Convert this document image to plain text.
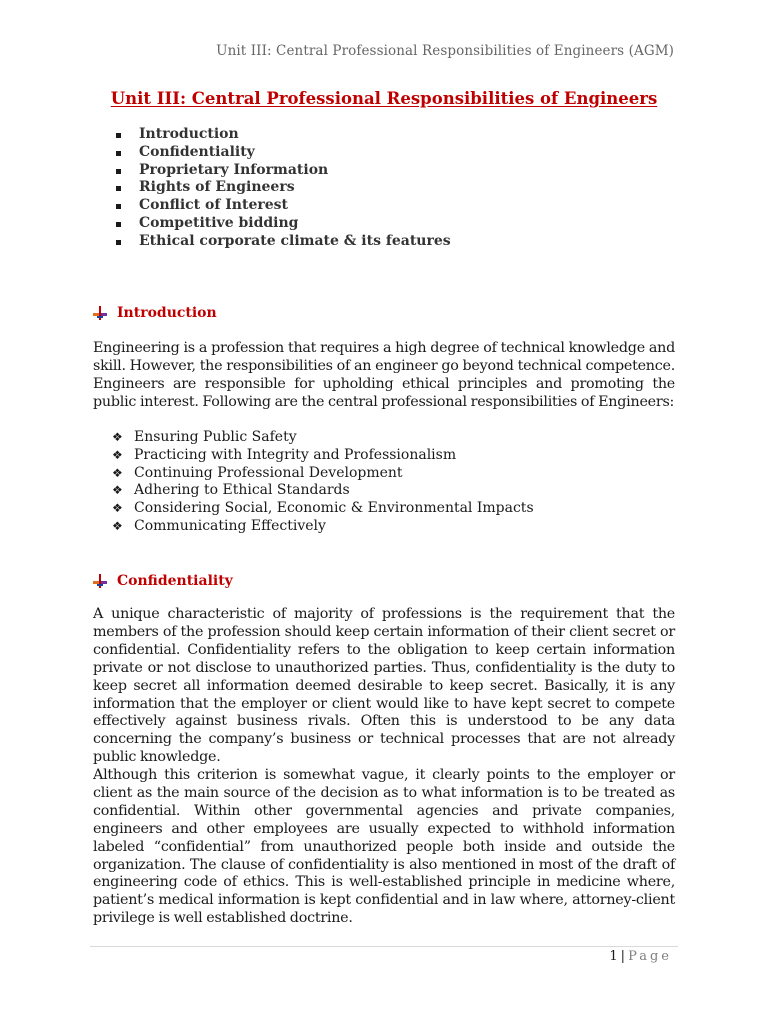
Unit III: Central Professional Responsibilities of Engineers (AGM)
Unit III: Central Professional Responsibilities of Engineers
Introduction
Confidentiality
Proprietary Information
Rights of Engineers
Conflict of Interest
Competitive bidding
Ethical corporate climate & its features
Introduction

Engineering is a profession that requires a high degree of technical knowledge and skill. However, the responsibilities of an engineer go beyond technical competence. Engineers are responsible for upholding ethical principles and promoting the public interest. Following are the central professional responsibilities of Engineers:

❖ Ensuring Public Safety
❖ Practicing with Integrity and Professionalism
❖ Continuing Professional Development
❖ Adhering to Ethical Standards
❖ Considering Social, Economic & Environmental Impacts
❖ Communicating Effectively
Confidentiality

A unique characteristic of majority of professions is the requirement that the members of the profession should keep certain information of their client secret or confidential. Confidentiality refers to the obligation to keep certain information private or not disclose to unauthorized parties. Thus, confidentiality is the duty to keep secret all information deemed desirable to keep secret. Basically, it is any information that the employer or client would like to have kept secret to compete effectively against business rivals. Often this is understood to be any data concerning the company’s business or technical processes that are not already public knowledge.

Although this criterion is somewhat vague, it clearly points to the employer or client as the main source of the decision as to what information is to be treated as confidential. Within other governmental agencies and private companies, engineers and other employees are usually expected to withhold information labeled “confidential” from unauthorized people both inside and outside the organization. The clause of confidentiality is also mentioned in most of the draft of engineering code of ethics. This is well-established principle in medicine where, patient’s medical information is kept confidential and in law where, attorney-client privilege is well established doctrine.

1 | Page
